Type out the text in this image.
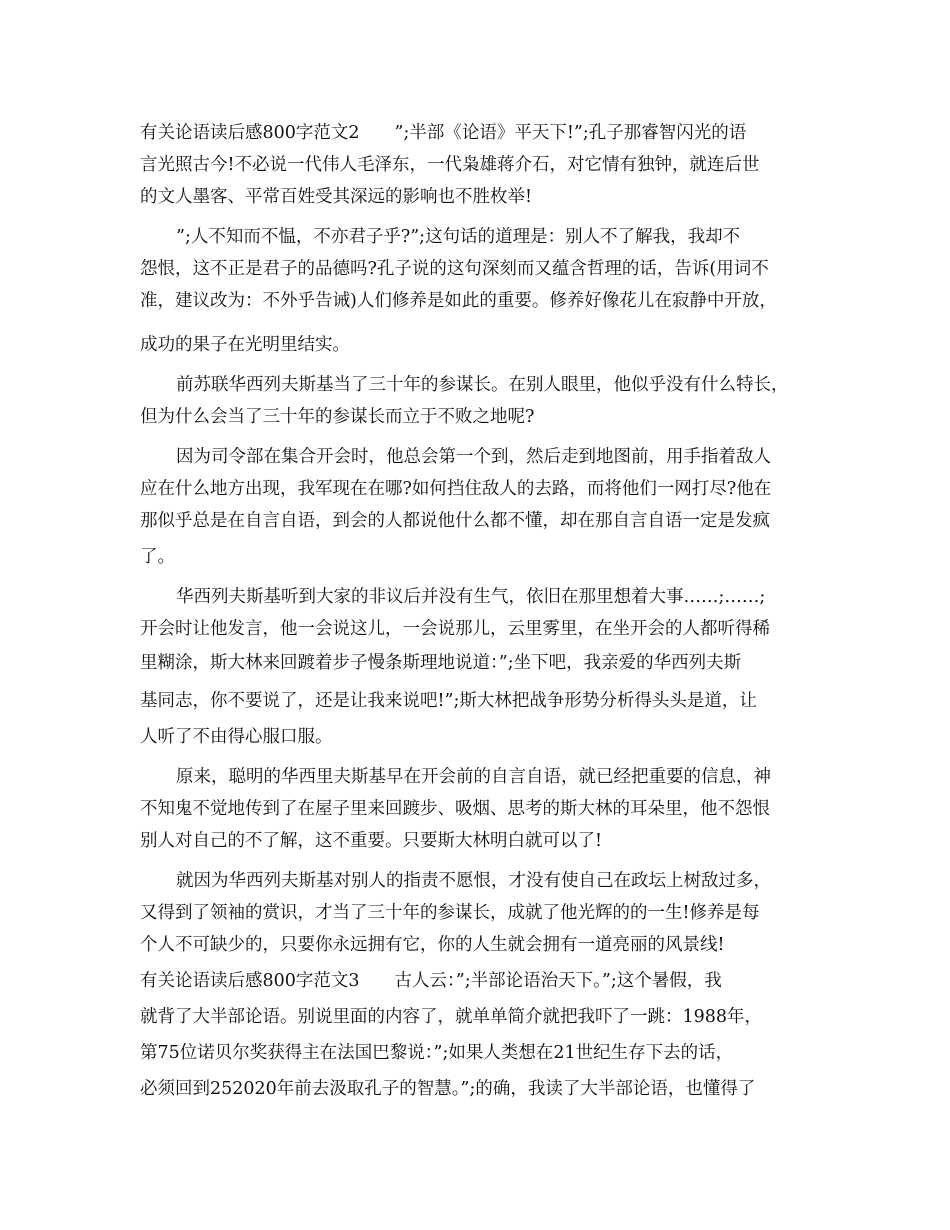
有关论语读后感800字范文2　　”;半部《论语》平天下!”;孔子那睿智闪光的语
言光照古今!不必说一代伟人毛泽东，一代枭雄蒋介石，对它情有独钟，就连后世
的文人墨客、平常百姓受其深远的影响也不胜枚举!
”;人不知而不愠，不亦君子乎?”;这句话的道理是：别人不了解我，我却不
怨恨，这不正是君子的品德吗?孔子说的这句深刻而又蕴含哲理的话，告诉(用词不
准，建议改为：不外乎告诫)人们修养是如此的重要。修养好像花儿在寂静中开放，
成功的果子在光明里结实。
前苏联华西列夫斯基当了三十年的参谋长。在别人眼里，他似乎没有什么特长，
但为什么会当了三十年的参谋长而立于不败之地呢?
因为司令部在集合开会时，他总会第一个到，然后走到地图前，用手指着敌人
应在什么地方出现，我军现在在哪?如何挡住敌人的去路，而将他们一网打尽?他在
那似乎总是在自言自语，到会的人都说他什么都不懂，却在那自言自语一定是发疯
了。
华西列夫斯基听到大家的非议后并没有生气，依旧在那里想着大事……;……;
开会时让他发言，他一会说这儿，一会说那儿，云里雾里，在坐开会的人都听得稀
里糊涂，斯大林来回踱着步子慢条斯理地说道：”;坐下吧，我亲爱的华西列夫斯
基同志，你不要说了，还是让我来说吧!”;斯大林把战争形势分析得头头是道，让
人听了不由得心服口服。
原来，聪明的华西里夫斯基早在开会前的自言自语，就已经把重要的信息，神
不知鬼不觉地传到了在屋子里来回踱步、吸烟、思考的斯大林的耳朵里，他不怨恨
别人对自己的不了解，这不重要。只要斯大林明白就可以了!
就因为华西列夫斯基对别人的指责不愿恨，才没有使自己在政坛上树敌过多，
又得到了领袖的赏识，才当了三十年的参谋长，成就了他光辉的的一生!修养是每
个人不可缺少的，只要你永远拥有它，你的人生就会拥有一道亮丽的风景线!
有关论语读后感800字范文3　　古人云：”;半部论语治天下。”;这个暑假，我
就背了大半部论语。别说里面的内容了，就单单简介就把我吓了一跳：1988年，
第75位诺贝尔奖获得主在法国巴黎说：”;如果人类想在21世纪生存下去的话，
必须回到252020年前去汲取孔子的智慧。”;的确，我读了大半部论语，也懂得了
